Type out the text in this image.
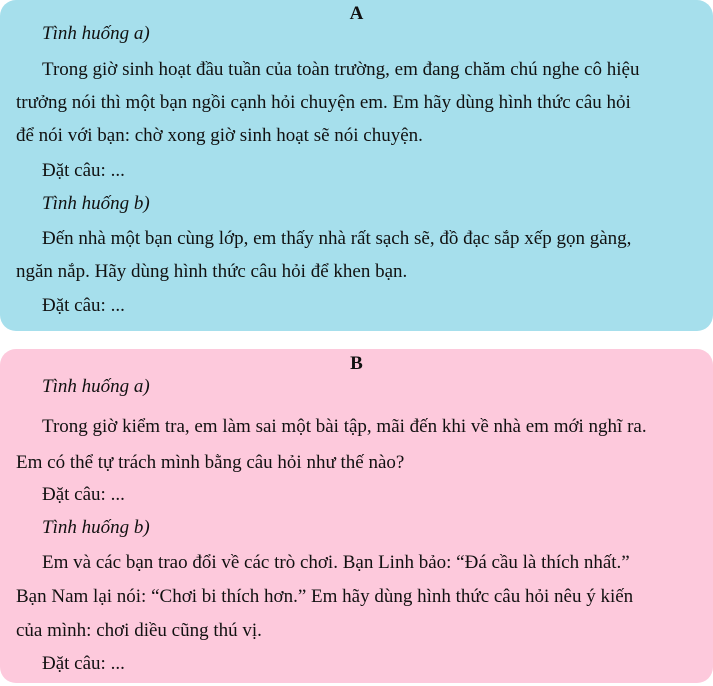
A
Tình huống a)
Trong giờ sinh hoạt đầu tuần của toàn trường, em đang chăm chú nghe cô hiệu
trưởng nói thì một bạn ngồi cạnh hỏi chuyện em. Em hãy dùng hình thức câu hỏi
để nói với bạn: chờ xong giờ sinh hoạt sẽ nói chuyện.
Đặt câu: ...
Tình huống b)
Đến nhà một bạn cùng lớp, em thấy nhà rất sạch sẽ, đồ đạc sắp xếp gọn gàng,
ngăn nắp. Hãy dùng hình thức câu hỏi để khen bạn.
Đặt câu: ...
B
Tình huống a)
Trong giờ kiểm tra, em làm sai một bài tập, mãi đến khi về nhà em mới nghĩ ra.
Em có thể tự trách mình bằng câu hỏi như thế nào?
Đặt câu: ...
Tình huống b)
Em và các bạn trao đổi về các trò chơi. Bạn Linh bảo: “Đá cầu là thích nhất.”
Bạn Nam lại nói: “Chơi bi thích hơn.” Em hãy dùng hình thức câu hỏi nêu ý kiến
của mình: chơi diều cũng thú vị.
Đặt câu: ...
